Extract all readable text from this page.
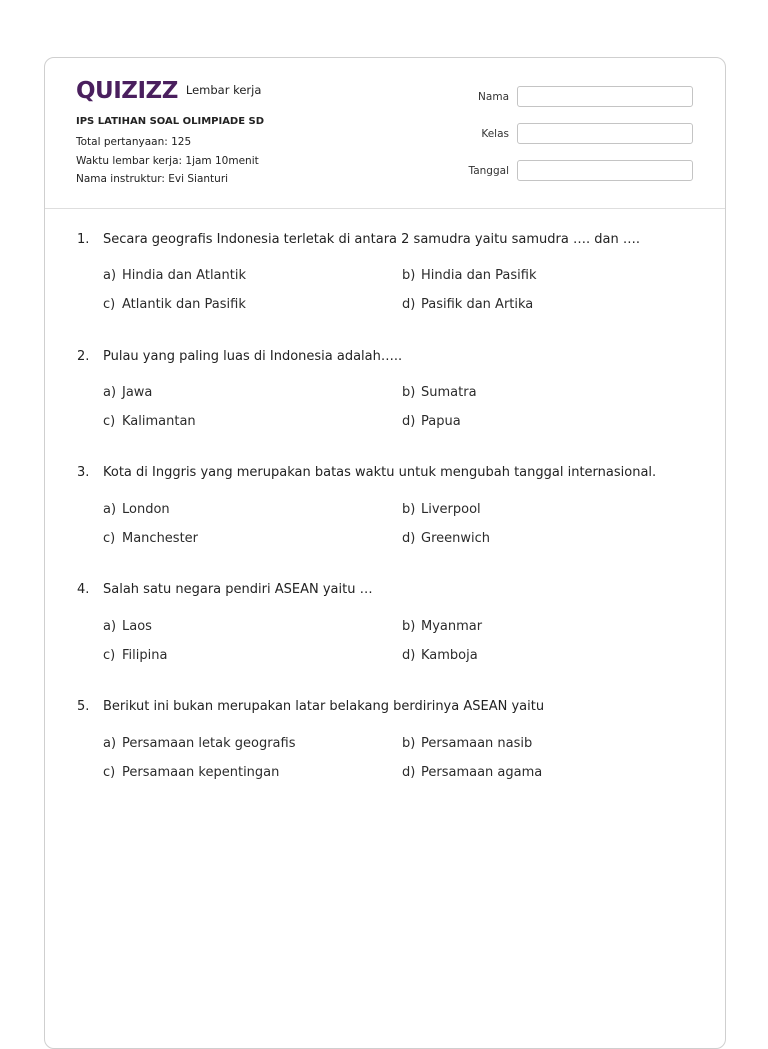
QUIZIZZ Lembar kerja
IPS LATIHAN SOAL OLIMPIADE SD
Total pertanyaan: 125
Waktu lembar kerja: 1jam 10menit
Nama instruktur: Evi Sianturi
Nama
Kelas
Tanggal
1. Secara geografis Indonesia terletak di antara 2 samudra yaitu samudra …. dan ….
a) Hindia dan Atlantik	b) Hindia dan Pasifik
c) Atlantik dan Pasifik	d) Pasifik dan Artika
2. Pulau yang paling luas di Indonesia adalah…..
a) Jawa	b) Sumatra
c) Kalimantan	d) Papua
3. Kota di Inggris yang merupakan batas waktu untuk mengubah tanggal internasional.
a) London	b) Liverpool
c) Manchester	d) Greenwich
4. Salah satu negara pendiri ASEAN yaitu …
a) Laos	b) Myanmar
c) Filipina	d) Kamboja
5. Berikut ini bukan merupakan latar belakang berdirinya ASEAN yaitu
a) Persamaan letak geografis	b) Persamaan nasib
c) Persamaan kepentingan	d) Persamaan agama
